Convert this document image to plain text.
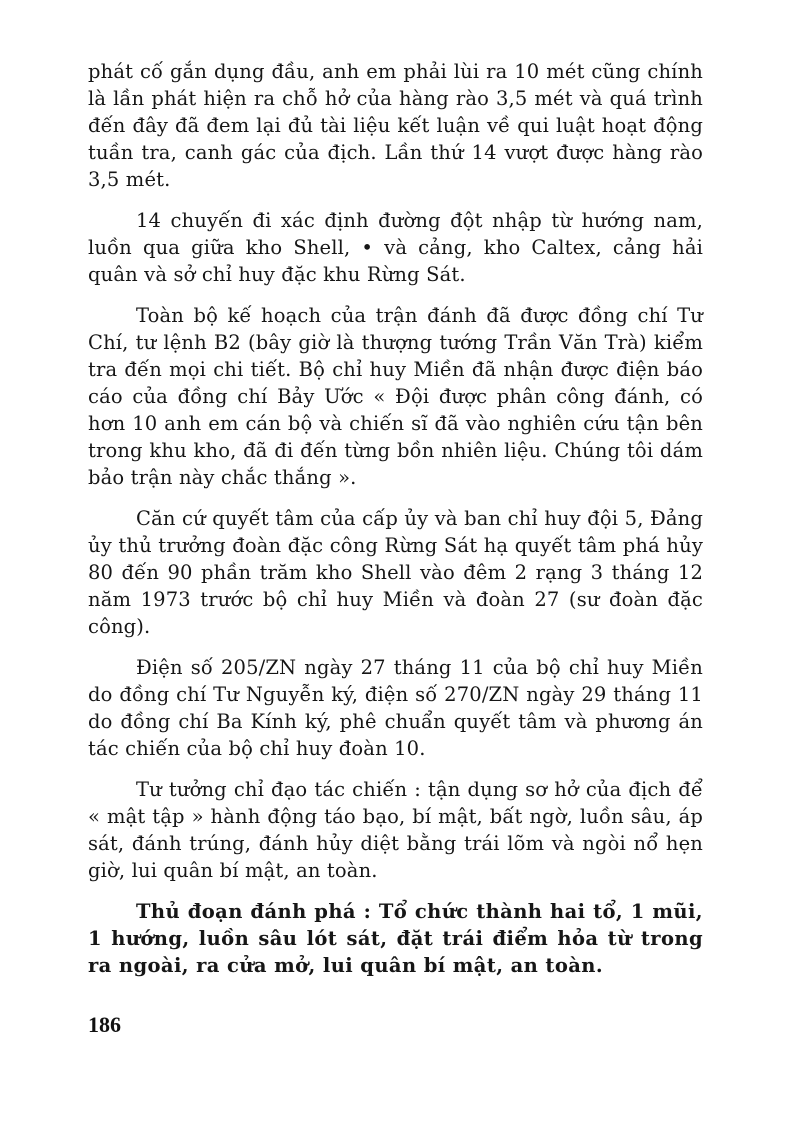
phát cố gắn dụng đầu, anh em phải lùi ra 10 mét cũng chính là lần phát hiện ra chỗ hở của hàng rào 3,5 mét và quá trình đến đây đã đem lại đủ tài liệu kết luận về qui luật hoạt động tuần tra, canh gác của địch. Lần thứ 14 vượt được hàng rào 3,5 mét.

14 chuyến đi xác định đường đột nhập từ hướng nam, luồn qua giữa kho Shell, • và cảng, kho Caltex, cảng hải quân và sở chỉ huy đặc khu Rừng Sát.

Toàn bộ kế hoạch của trận đánh đã được đồng chí Tư Chí, tư lệnh B2 (bây giờ là thượng tướng Trần Văn Trà) kiểm tra đến mọi chi tiết. Bộ chỉ huy Miền đã nhận được điện báo cáo của đồng chí Bảy Ước « Đội được phân công đánh, có hơn 10 anh em cán bộ và chiến sĩ đã vào nghiên cứu tận bên trong khu kho, đã đi đến từng bồn nhiên liệu. Chúng tôi dám bảo trận này chắc thắng ».

Căn cứ quyết tâm của cấp ủy và ban chỉ huy đội 5, Đảng ủy thủ trưởng đoàn đặc công Rừng Sát hạ quyết tâm phá hủy 80 đến 90 phần trăm kho Shell vào đêm 2 rạng 3 tháng 12 năm 1973 trước bộ chỉ huy Miền và đoàn 27 (sư đoàn đặc công).

Điện số 205/ZN ngày 27 tháng 11 của bộ chỉ huy Miền do đồng chí Tư Nguyễn ký, điện số 270/ZN ngày 29 tháng 11 do đồng chí Ba Kính ký, phê chuẩn quyết tâm và phương án tác chiến của bộ chỉ huy đoàn 10.

Tư tưởng chỉ đạo tác chiến : tận dụng sơ hở của địch để « mật tập » hành động táo bạo, bí mật, bất ngờ, luồn sâu, áp sát, đánh trúng, đánh hủy diệt bằng trái lõm và ngòi nổ hẹn giờ, lui quân bí mật, an toàn.

Thủ đoạn đánh phá : Tổ chức thành hai tổ, 1 mũi, 1 hướng, luồn sâu lót sát, đặt trái điểm hỏa từ trong ra ngoài, ra cửa mở, lui quân bí mật, an toàn.

186
